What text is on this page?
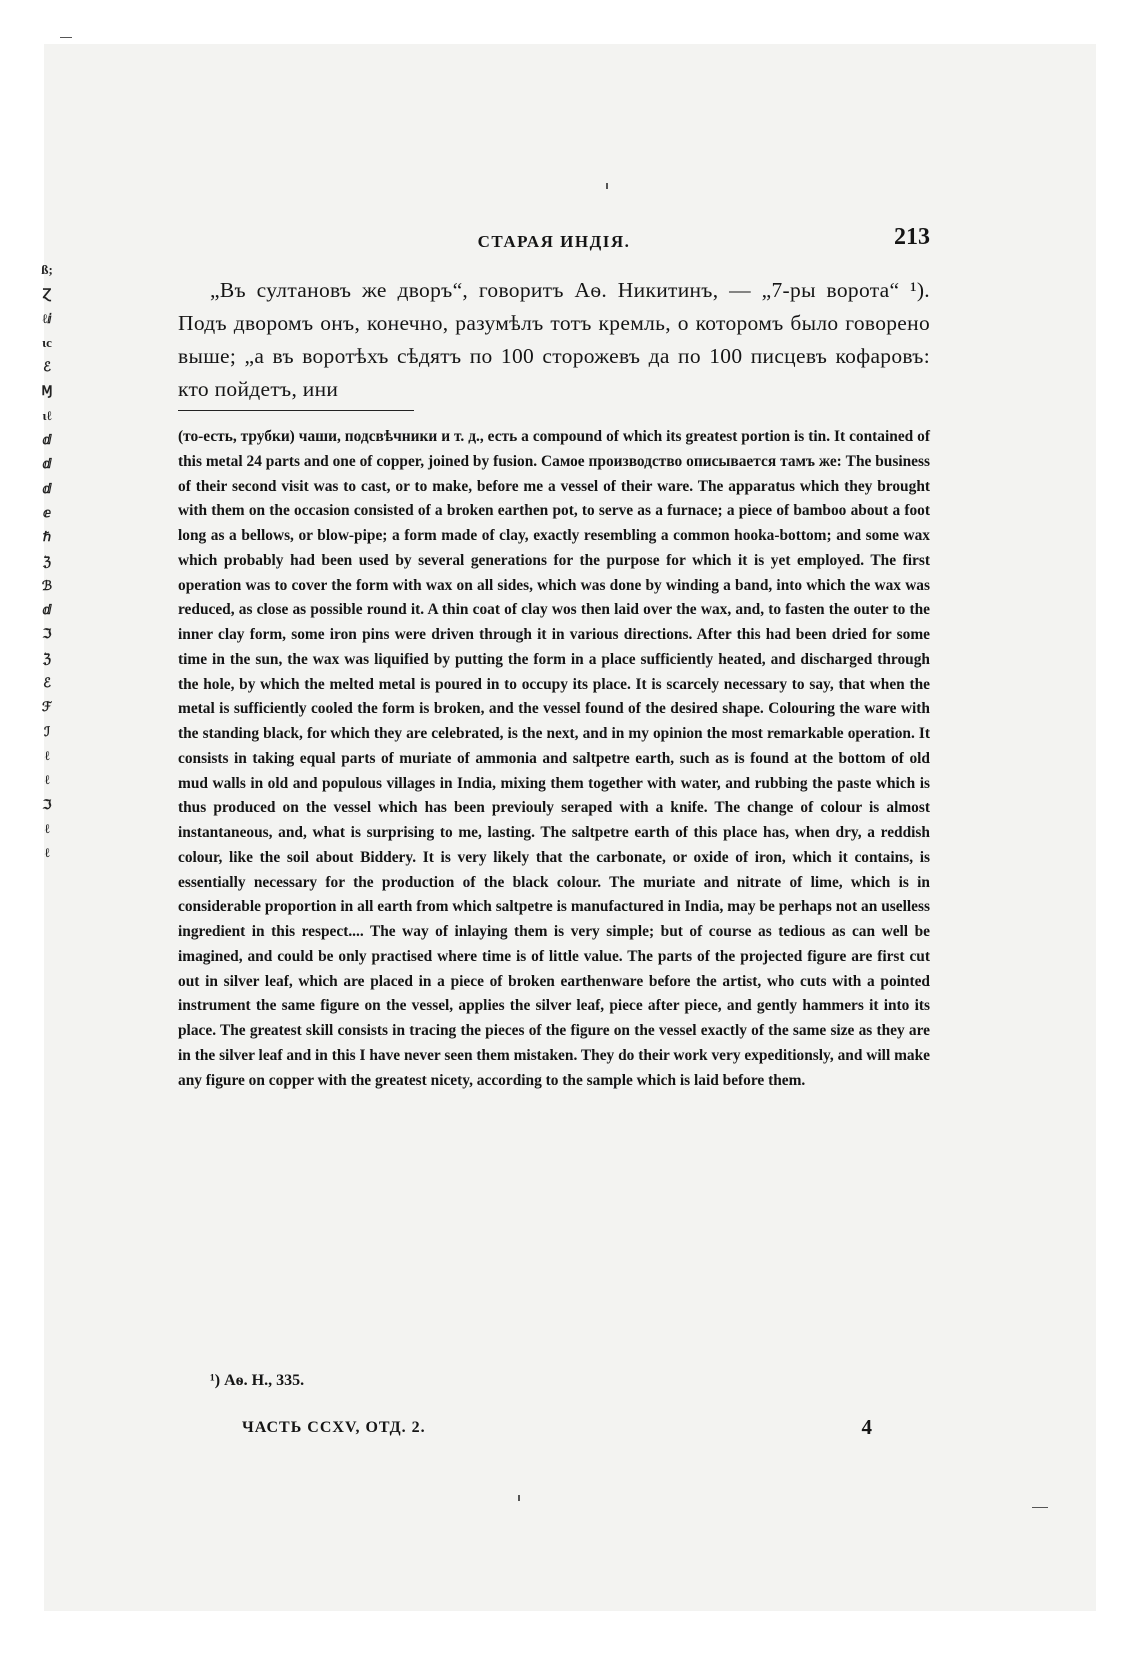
ß;
Ɀ
ℓⅈ
ɩc
ℰ
Ɱ
ɩℓ
ⅆ
ⅆ
ⅆ
ⅇ
ℏ
ℨ
ℬ
ⅆ
ℑ
ℨ
ℰ
ℱ
ℐ
ℓ
ℓ
ℑ
ℓ
ℓ
СТАРАЯ ИНДІЯ.	213

„Въ султановъ же дворъ“, говоритъ Аѳ. Никитинъ, — „7-ры ворота“ ¹). Подъ дворомъ онъ, конечно, разумѣлъ тотъ кремль, о которомъ было говорено выше; „а въ воротѣхъ сѣдятъ по 100 сторожевъ да по 100 писцевъ кофаровъ: кто пойдетъ, ини

(то-есть, трубки) чаши, подсвѣчники и т. д., есть a compound of which its greatest portion is tin. It contained of this metal 24 parts and one of copper, joined by fusion. Самое производство описывается тамъ же: The business of their second visit was to cast, or to make, before me a vessel of their ware. The apparatus which they brought with them on the occasion consisted of a broken earthen pot, to serve as a furnace; a piece of bamboo about a foot long as a bellows, or blow-pipe; a form made of clay, exactly resembling a common hooka-bottom; and some wax which probably had been used by several generations for the purpose for which it is yet employed. The first operation was to cover the form with wax on all sides, which was done by winding a band, into which the wax was reduced, as close as possible round it. A thin coat of clay wos then laid over the wax, and, to fasten the outer to the inner clay form, some iron pins were driven through it in various directions. After this had been dried for some time in the sun, the wax was liquified by putting the form in a place sufficiently heated, and discharged through the hole, by which the melted metal is poured in to occupy its place. It is scarcely necessary to say, that when the metal is sufficiently cooled the form is broken, and the vessel found of the desired shape. Colouring the ware with the standing black, for which they are celebrated, is the next, and in my opinion the most remarkable operation. It consists in taking equal parts of muriate of ammonia and saltpetre earth, such as is found at the bottom of old mud walls in old and populous villages in India, mixing them together with water, and rubbing the paste which is thus produced on the vessel which has been previouly seraped with a knife. The change of colour is almost instantaneous, and, what is surprising to me, lasting. The saltpetre earth of this place has, when dry, a reddish colour, like the soil about Biddery. It is very likely that the carbonate, or oxide of iron, which it contains, is essentially necessary for the production of the black colour. The muriate and nitrate of lime, which is in considerable proportion in all earth from which saltpetre is manufactured in India, may be perhaps not an uselless ingredient in this respect.... The way of inlaying them is very simple; but of course as tedious as can well be imagined, and could be only practised where time is of little value. The parts of the projected figure are first cut out in silver leaf, which are placed in a piece of broken earthenware before the artist, who cuts with a pointed instrument the same figure on the vessel, applies the silver leaf, piece after piece, and gently hammers it into its place. The greatest skill consists in tracing the pieces of the figure on the vessel exactly of the same size as they are in the silver leaf and in this I have never seen them mistaken. They do their work very expeditionsly, and will make any figure on copper with the greatest nicety, according to the sample which is laid before them.

¹) Аѳ. Н., 335.
ЧАСТЬ CCXV, ОТД. 2.	4
